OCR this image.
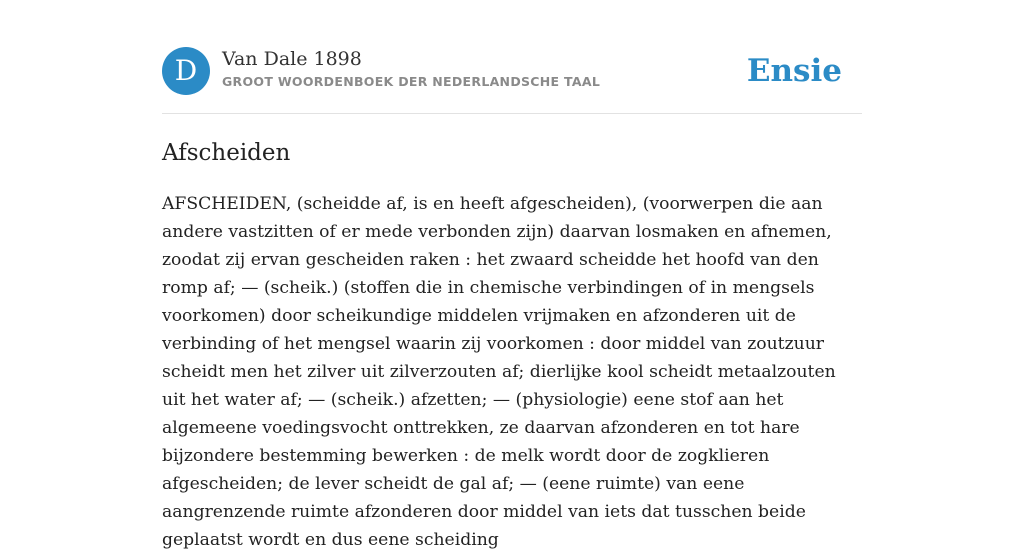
D	Van Dale 1898
GROOT WOORDENBOEK DER NEDERLANDSCHE TAAL	Ensie
Afscheiden

AFSCHEIDEN, (scheidde af, is en heeft afgescheiden), (voorwerpen die aan andere vastzitten of er mede verbonden zijn) daarvan losmaken en afnemen, zoodat zij ervan gescheiden raken : het zwaard scheidde het hoofd van den romp af; — (scheik.) (stoffen die in chemische verbindingen of in mengsels voorkomen) door scheikundige middelen vrijmaken en afzonderen uit de verbinding of het mengsel waarin zij voorkomen : door middel van zoutzuur scheidt men het zilver uit zilverzouten af; dierlijke kool scheidt metaalzouten uit het water af; — (scheik.) afzetten; — (physiologie) eene stof aan het algemeene voedingsvocht onttrekken, ze daarvan afzonderen en tot hare bijzondere bestemming bewerken : de melk wordt door de zogklieren afgescheiden; de lever scheidt de gal af; — (eene ruimte) van eene aangrenzende ruimte afzonderen door middel van iets dat tusschen beide geplaatst wordt en dus eene scheiding
